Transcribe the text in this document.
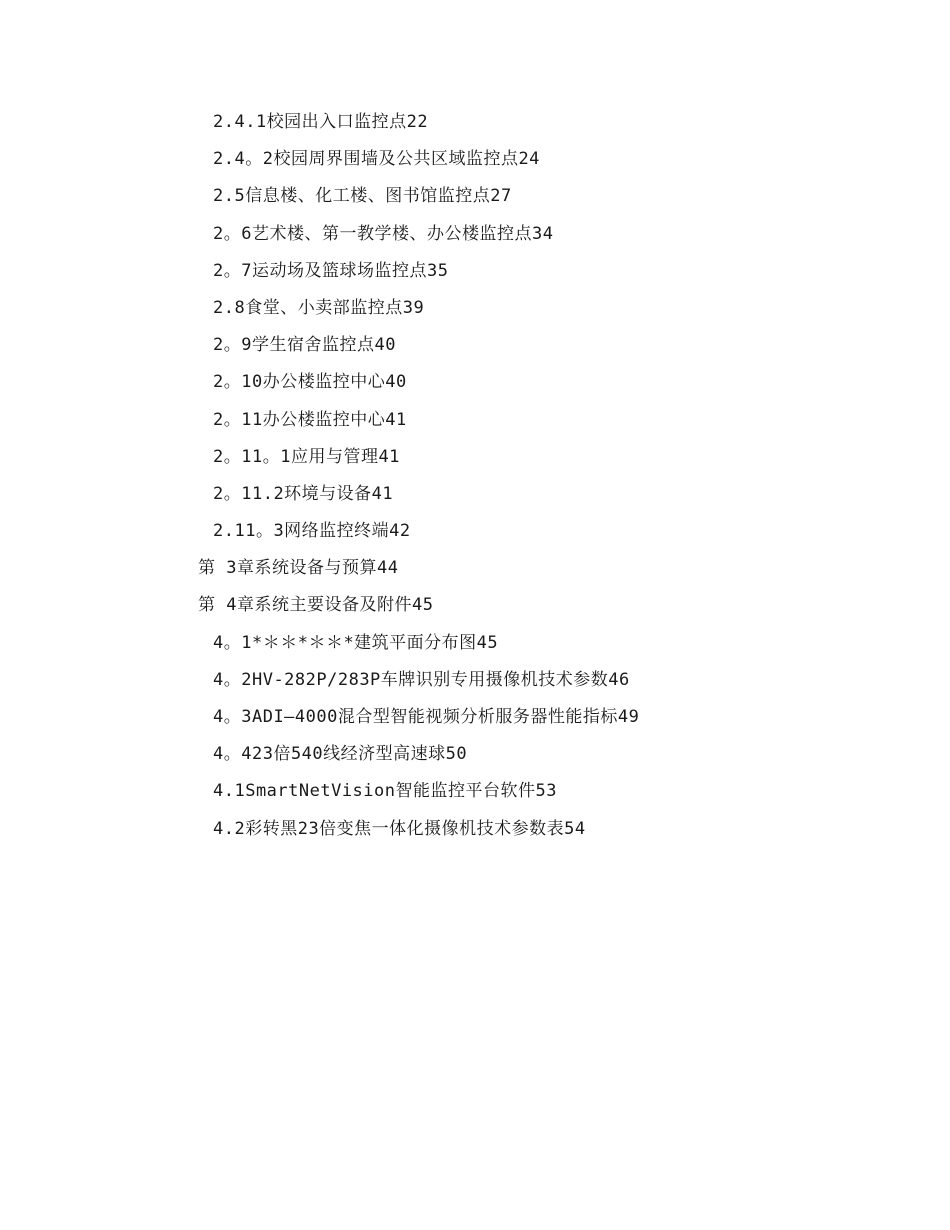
2.4.1校园出入口监控点22
2.4。2校园周界围墙及公共区域监控点24
2.5信息楼、化工楼、图书馆监控点27
2。6艺术楼、第一教学楼、办公楼监控点34
2。7运动场及篮球场监控点35
2.8食堂、小卖部监控点39
2。9学生宿舍监控点40
2。10办公楼监控中心40
2。11办公楼监控中心41
2。11。1应用与管理41
2。11.2环境与设备41
2.11。3网络监控终端42
第 3章系统设备与预算44
第 4章系统主要设备及附件45
4。1*＊＊*＊＊*建筑平面分布图45
4。2HV-282P/283P车牌识别专用摄像机技术参数46
4。3ADI—4000混合型智能视频分析服务器性能指标49
4。423倍540线经济型高速球50
4.1SmartNetVision智能监控平台软件53
4.2彩转黑23倍变焦一体化摄像机技术参数表54
